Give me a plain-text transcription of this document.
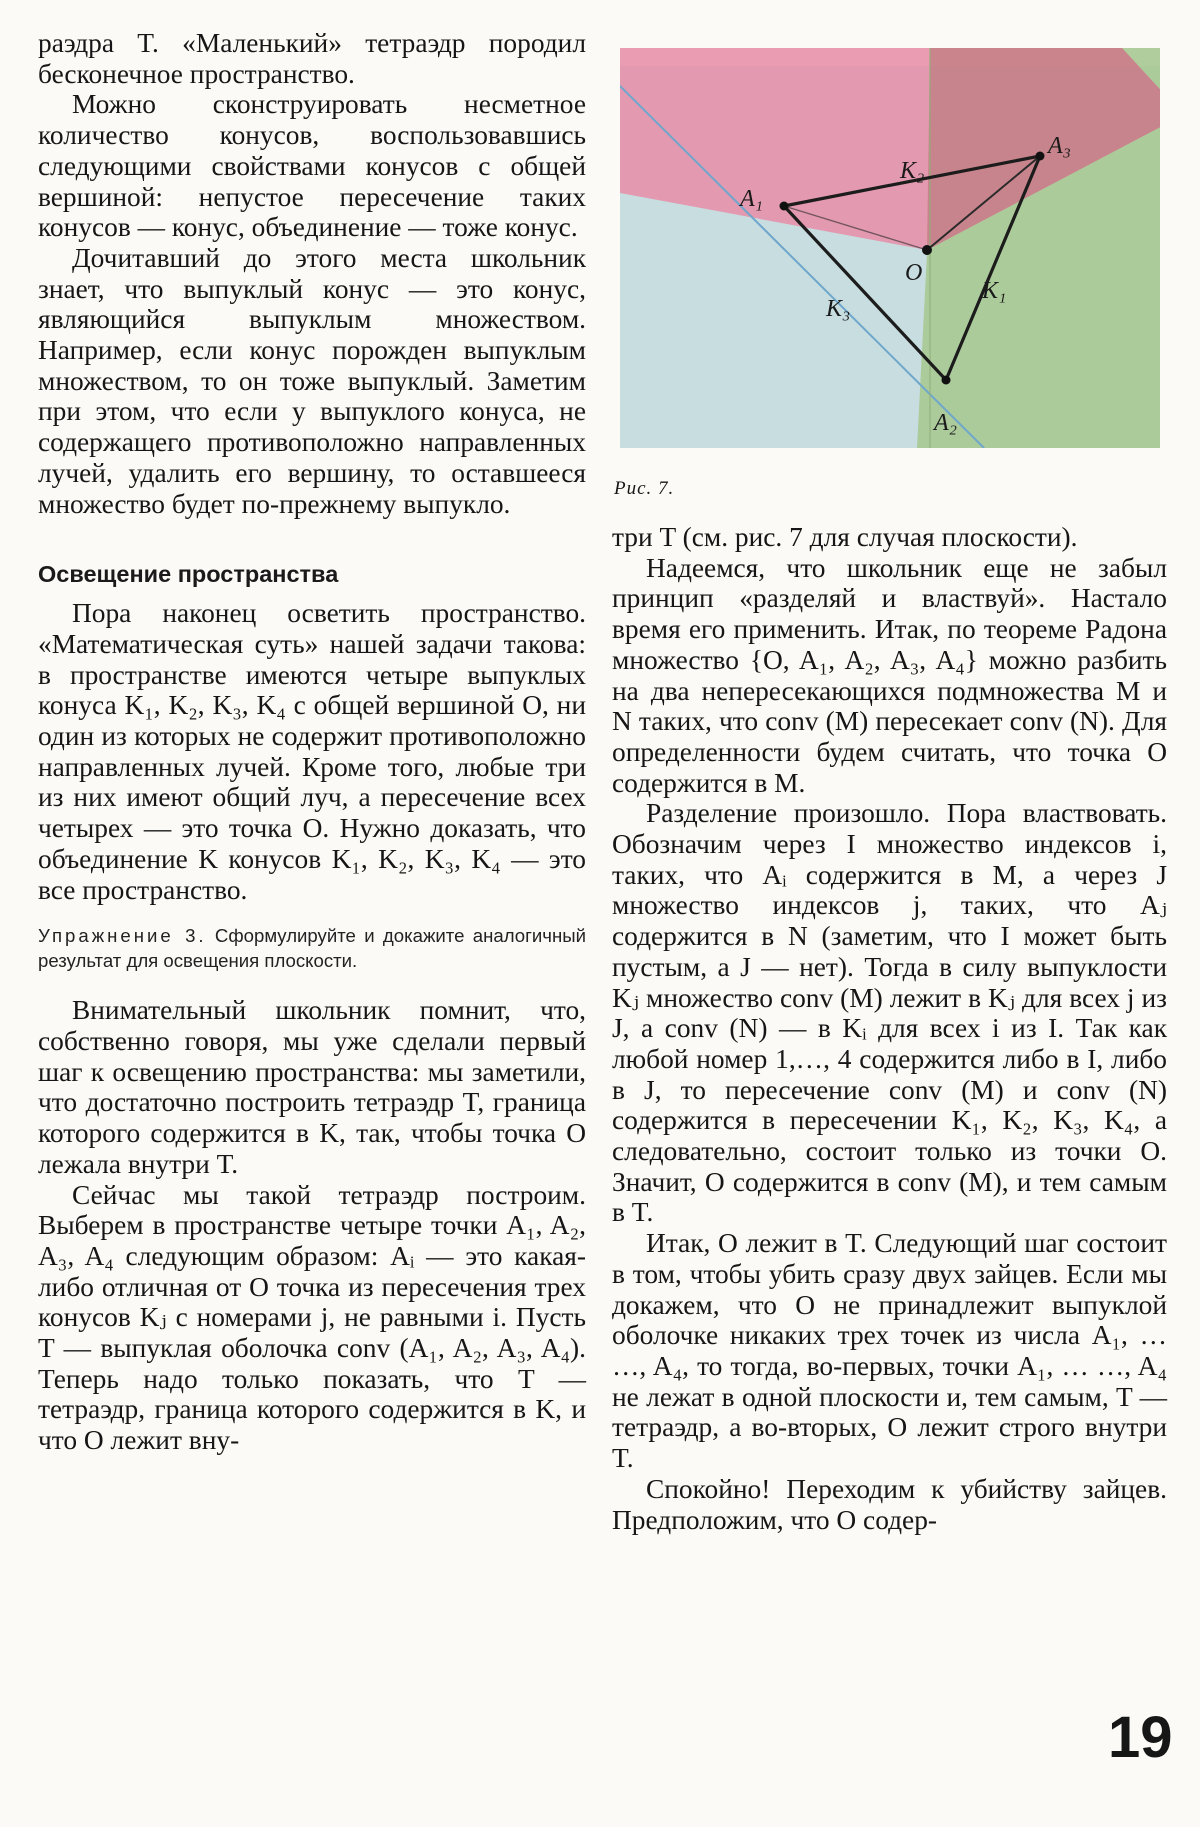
раэдра T. «Маленький» тетраэдр породил бесконечное пространство.

Можно сконструировать несметное количество конусов, воспользовавшись следующими свойствами конусов с общей вершиной: непустое пересечение таких конусов — конус, объединение — тоже конус.

Дочитавший до этого места школьник знает, что выпуклый конус — это конус, являющийся выпуклым множеством. Например, если конус порожден выпуклым множеством, то он тоже выпуклый. Заметим при этом, что если у выпуклого конуса, не содержащего противоположно направленных лучей, удалить его вершину, то оставшееся множество будет по-прежнему выпукло.

Освещение пространства

Пора наконец осветить пространство. «Математическая суть» нашей задачи такова: в пространстве имеются четыре выпуклых конуса K₁, K₂, K₃, K₄ с общей вершиной O, ни один из которых не содержит противоположно направленных лучей. Кроме того, любые три из них имеют общий луч, а пересечение всех четырех — это точка O. Нужно доказать, что объединение K конусов K₁, K₂, K₃, K₄ — это все пространство.

Упражнение 3. Сформулируйте и докажите аналогичный результат для освещения плоскости.

Внимательный школьник помнит, что, собственно говоря, мы уже сделали первый шаг к освещению пространства: мы заметили, что достаточно построить тетраэдр T, граница которого содержится в K, так, чтобы точка O лежала внутри T.

Сейчас мы такой тетраэдр построим. Выберем в пространстве четыре точки A₁, A₂, A₃, A₄ следующим образом: Aᵢ — это какая-либо отличная от O точка из пересечения трех конусов Kⱼ с номерами j, не равными i. Пусть T — выпуклая оболочка conv (A₁, A₂, A₃, A₄). Теперь надо только показать, что T — тетраэдр, граница которого содержится в K, и что O лежит вну-

A₁
A₂
A₃
O
K₁
K₂
K₃
Рис. 7.

три T (см. рис. 7 для случая плоскости).

Надеемся, что школьник еще не забыл принцип «разделяй и властвуй». Настало время его применить. Итак, по теореме Радона множество {O, A₁, A₂, A₃, A₄} можно разбить на два непересекающихся подмножества M и N таких, что conv (M) пересекает conv (N). Для определенности будем считать, что точка O содержится в M.

Разделение произошло. Пора властвовать. Обозначим через I множество индексов i, таких, что Aᵢ содержится в M, а через J множество индексов j, таких, что Aⱼ содержится в N (заметим, что I может быть пустым, а J — нет). Тогда в силу выпуклости Kⱼ множество conv (M) лежит в Kⱼ для всех j из J, а conv (N) — в Kᵢ для всех i из I. Так как любой номер 1,…, 4 содержится либо в I, либо в J, то пересечение conv (M) и conv (N) содержится в пересечении K₁, K₂, K₃, K₄, а следовательно, состоит только из точки O. Значит, O содержится в conv (M), и тем самым в T.

Итак, O лежит в T. Следующий шаг состоит в том, чтобы убить сразу двух зайцев. Если мы докажем, что O не принадлежит выпуклой оболочке никаких трех точек из числа A₁, … …, A₄, то тогда, во-первых, точки A₁, … …, A₄ не лежат в одной плоскости и, тем самым, T — тетраэдр, а во-вторых, O лежит строго внутри T.

Спокойно! Переходим к убийству зайцев. Предположим, что O содер-

19
